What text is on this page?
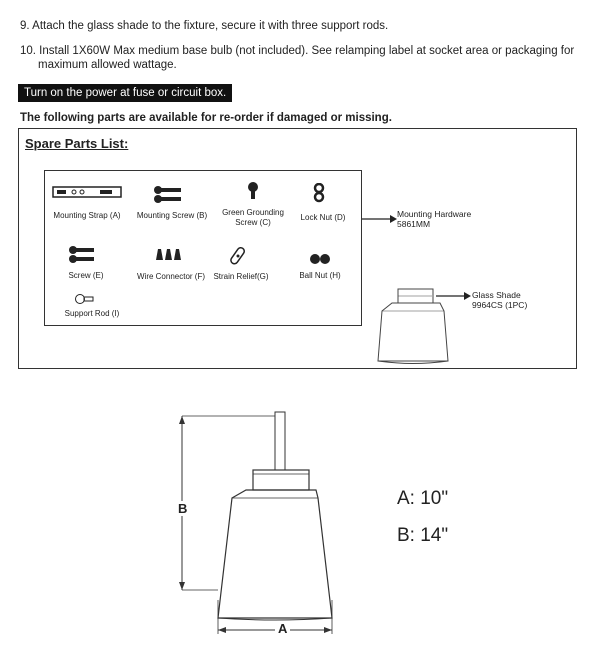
9. Attach the glass shade to the fixture, secure it with three support rods.
10. Install 1X60W Max medium base bulb (not included). See relamping label at socket area or packaging for
maximum allowed wattage.
Turn on the power at fuse or circuit box.
The following parts are available for re-order if damaged or missing.
Spare Parts List:
Mounting Strap (A)	Mounting Screw (B)	Green Grounding
Screw (C)
Lock Nut (D)
Screw (E)	Wire Connector (F)	Strain Relief(G)	Ball Nut (H)
Support Rod (I)
Mounting Hardware
5861MM
Glass Shade
9964CS (1PC)
B
A
A: 10"
B: 14"
